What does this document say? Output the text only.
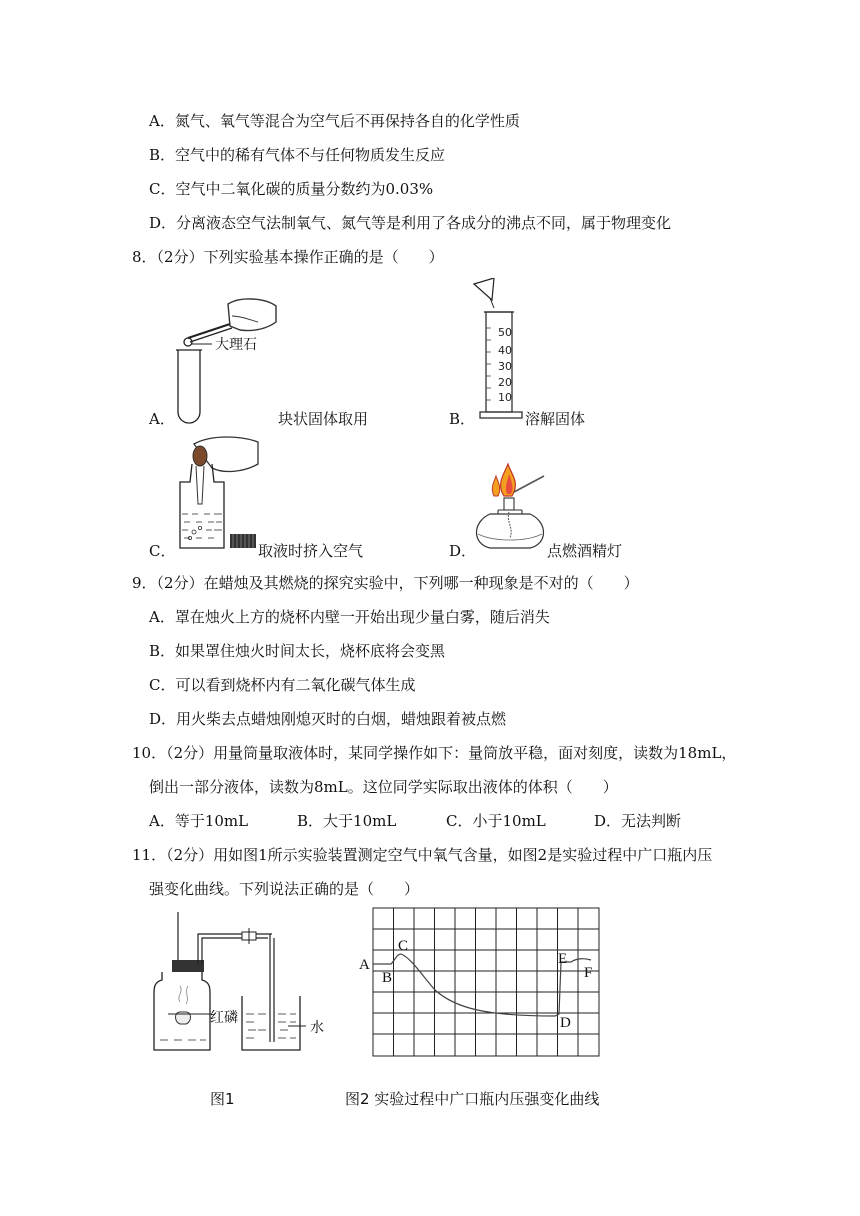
A．氮气、氧气等混合为空气后不再保持各自的化学性质
B．空气中的稀有气体不与任何物质发生反应
C．空气中二氧化碳的质量分数约为0.03%
D．分离液态空气法制氧气、氮气等是利用了各成分的沸点不同，属于物理变化
8．（2分）下列实验基本操作正确的是（　　）
A．
大理石
块状固体取用	B．
50
40
30
20
10
溶解固体
C．	取液时挤入空气	D．	点燃酒精灯
9．（2分）在蜡烛及其燃烧的探究实验中，下列哪一种现象是不对的（　　）
A．罩在烛火上方的烧杯内壁一开始出现少量白雾，随后消失
B．如果罩住烛火时间太长，烧杯底将会变黑
C．可以看到烧杯内有二氧化碳气体生成
D．用火柴去点蜡烛刚熄灭时的白烟，蜡烛跟着被点燃
10．（2分）用量筒量取液体时，某同学操作如下：量筒放平稳，面对刻度，读数为18mL，
倒出一部分液体，读数为8mL。这位同学实际取出液体的体积（　　）
A．等于10mL	B．大于10mL	C．小于10mL	D．无法判断
11．（2分）用如图1所示实验装置测定空气中氧气含量，如图2是实验过程中广口瓶内压
强变化曲线。下列说法正确的是（　　）
红磷
水
图1
A
B
C
D
E
F
图2 实验过程中广口瓶内压强变化曲线
